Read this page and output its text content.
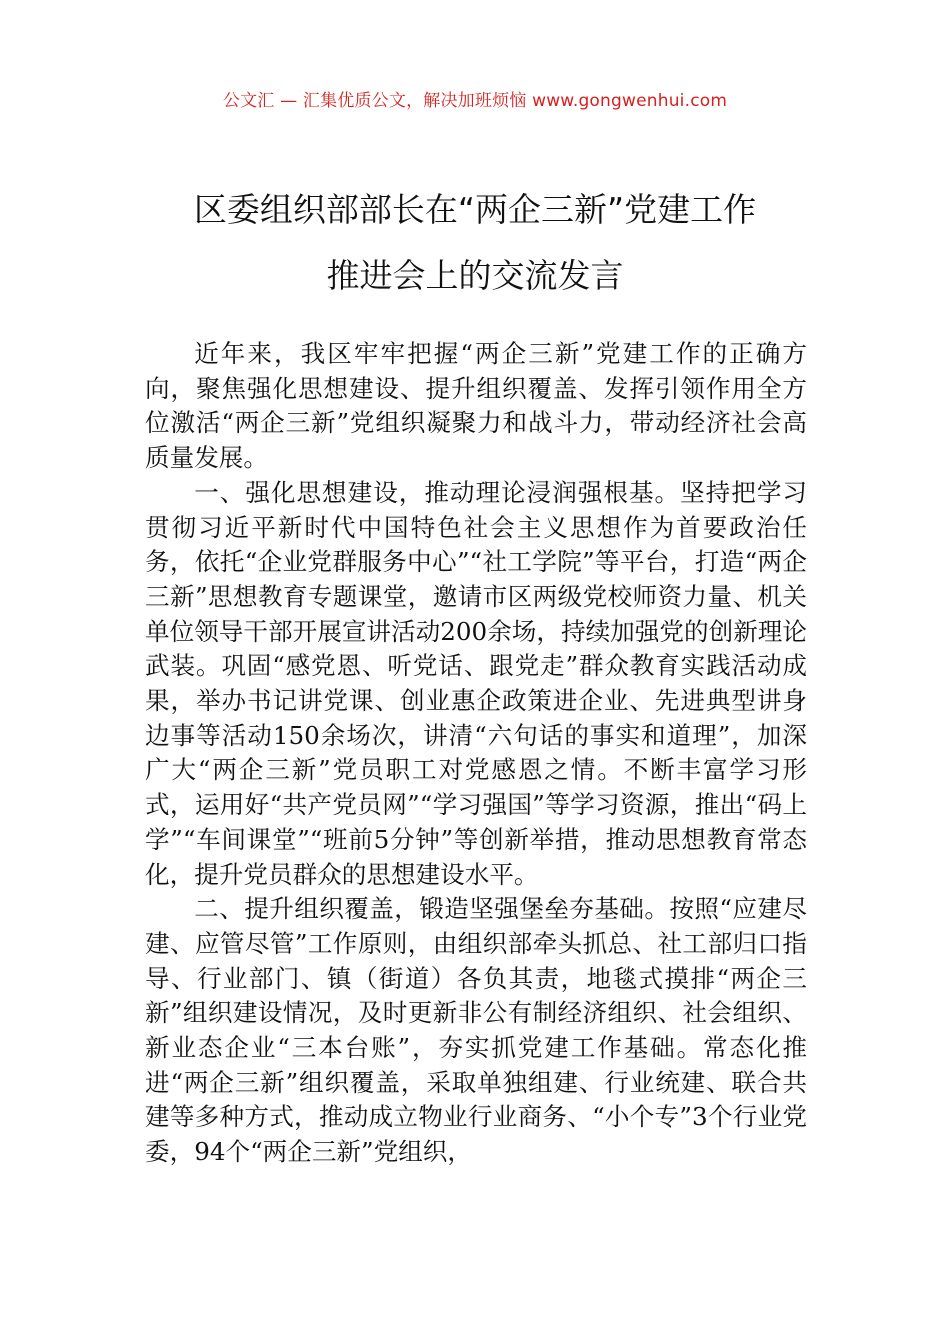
公文汇 — 汇集优质公文，解决加班烦恼 www.gongwenhui.com
区委组织部部长在“两企三新”党建工作
推进会上的交流发言

近年来，我区牢牢把握“两企三新”党建工作的正确方向，聚焦强化思想建设、提升组织覆盖、发挥引领作用全方位激活“两企三新”党组织凝聚力和战斗力，带动经济社会高质量发展。

一、强化思想建设，推动理论浸润强根基。坚持把学习贯彻习近平新时代中国特色社会主义思想作为首要政治任务，依托“企业党群服务中心”“社工学院”等平台，打造“两企三新”思想教育专题课堂，邀请市区两级党校师资力量、机关单位领导干部开展宣讲活动200余场，持续加强党的创新理论武装。巩固“感党恩、听党话、跟党走”群众教育实践活动成果，举办书记讲党课、创业惠企政策进企业、先进典型讲身边事等活动150余场次，讲清“六句话的事实和道理”，加深广大“两企三新”党员职工对党感恩之情。不断丰富学习形式，运用好“共产党员网”“学习强国”等学习资源，推出“码上学”“车间课堂”“班前5分钟”等创新举措，推动思想教育常态化，提升党员群众的思想建设水平。

二、提升组织覆盖，锻造坚强堡垒夯基础。按照“应建尽建、应管尽管”工作原则，由组织部牵头抓总、社工部归口指导、行业部门、镇（街道）各负其责，地毯式摸排“两企三新”组织建设情况，及时更新非公有制经济组织、社会组织、新业态企业“三本台账”，夯实抓党建工作基础。常态化推进“两企三新”组织覆盖，采取单独组建、行业统建、联合共建等多种方式，推动成立物业行业商务、“小个专”3个行业党委，94个“两企三新”党组织，
